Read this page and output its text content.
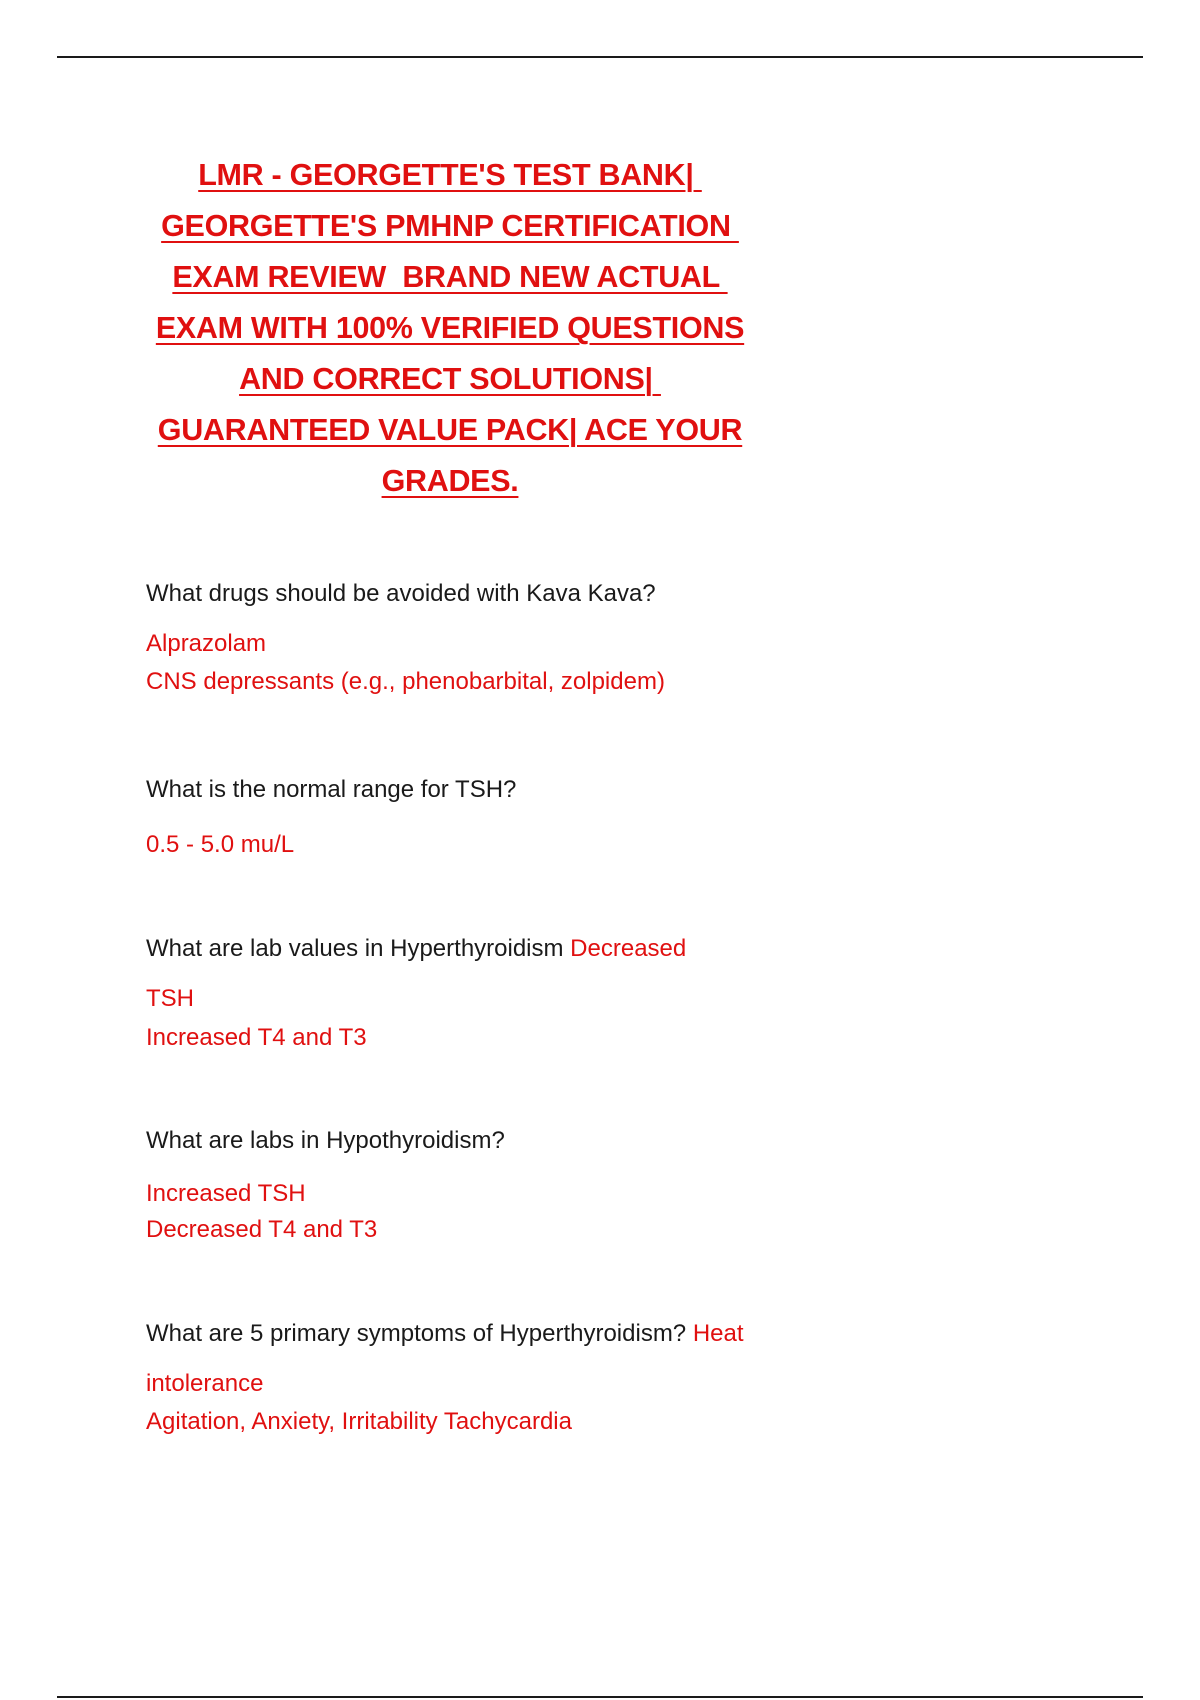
LMR - GEORGETTE'S TEST BANK|
GEORGETTE'S PMHNP CERTIFICATION
EXAM REVIEW  BRAND NEW ACTUAL
EXAM WITH 100% VERIFIED QUESTIONS
AND CORRECT SOLUTIONS|
GUARANTEED VALUE PACK| ACE YOUR
GRADES.
What drugs should be avoided with Kava Kava?
Alprazolam
CNS depressants (e.g., phenobarbital, zolpidem)
What is the normal range for TSH?
0.5 - 5.0 mu/L
What are lab values in Hyperthyroidism Decreased
TSH
Increased T4 and T3
What are labs in Hypothyroidism?
Increased TSH
Decreased T4 and T3
What are 5 primary symptoms of Hyperthyroidism? Heat
intolerance
Agitation, Anxiety, Irritability Tachycardia
